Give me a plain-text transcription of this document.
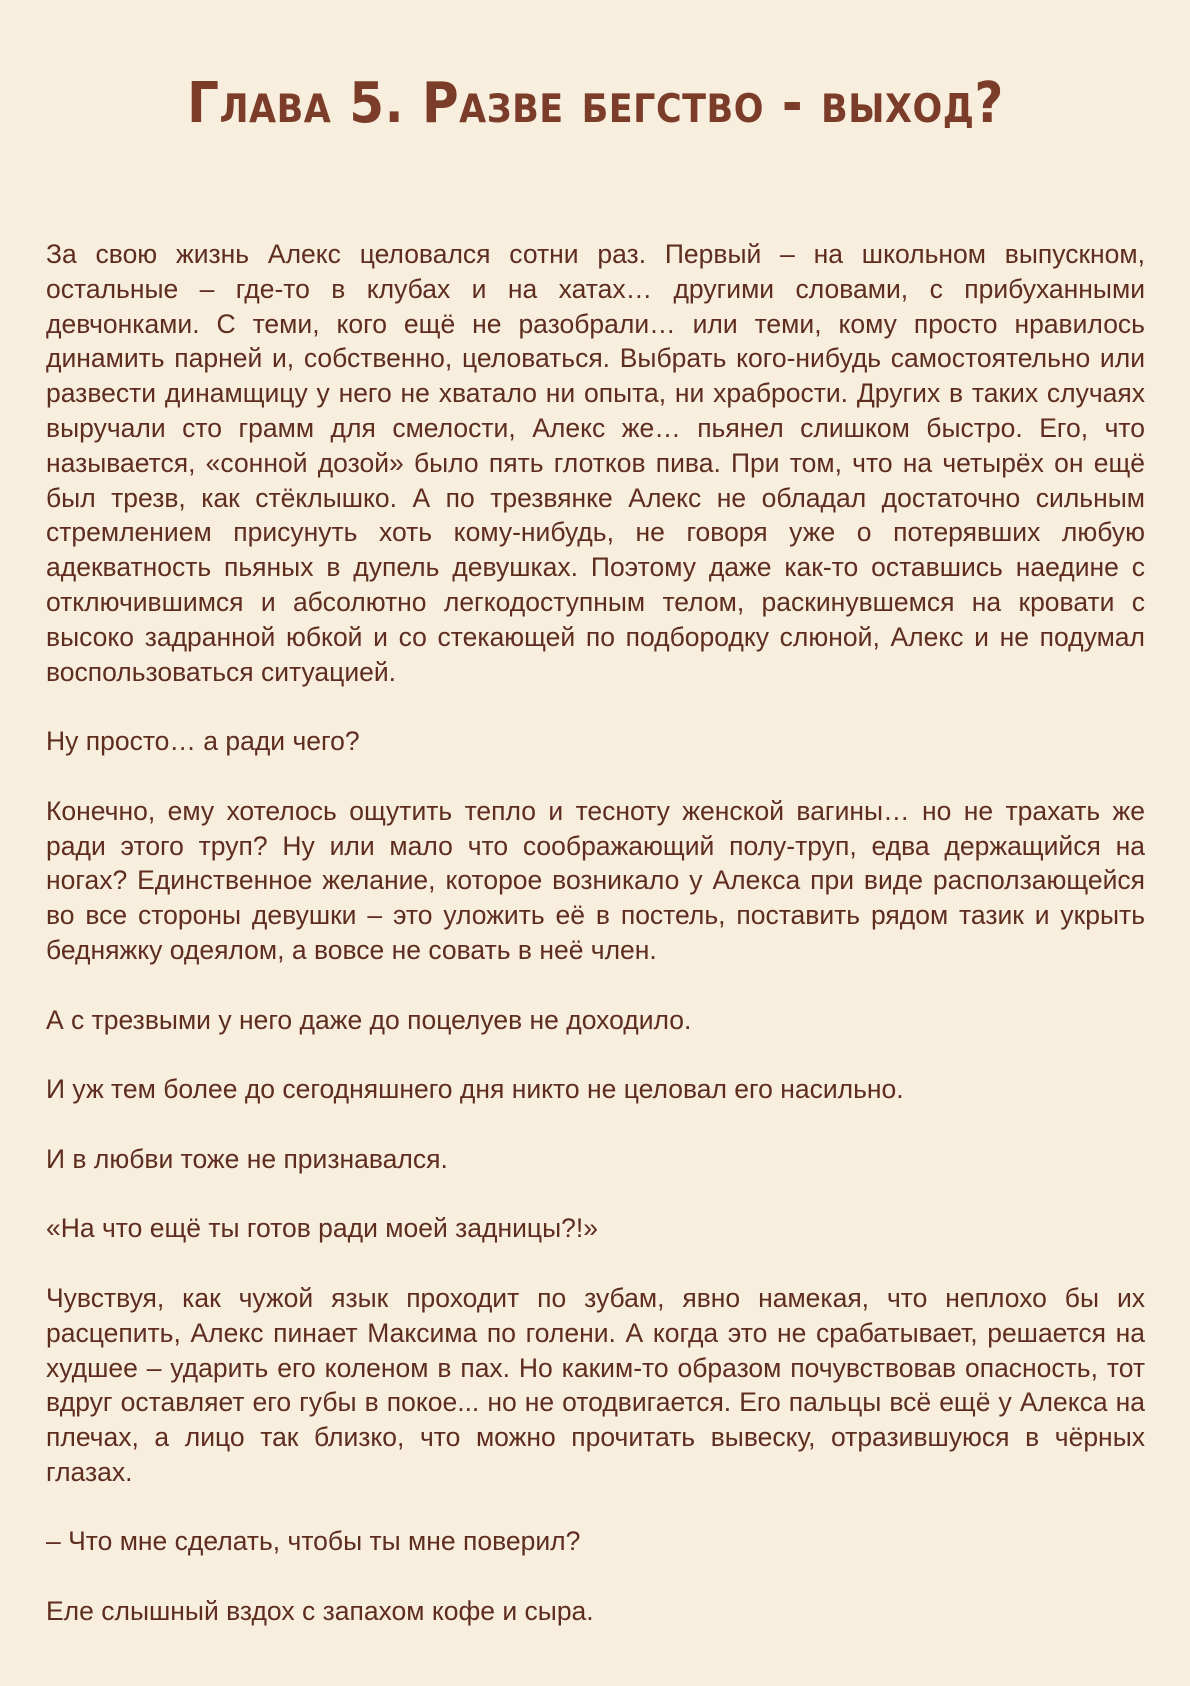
Глава 5. Разве бегство - выход?

За свою жизнь Алекс целовался сотни раз. Первый – на школьном выпускном, остальные – где-то в клубах и на хатах… другими словами, с прибуханными девчонками. С теми, кого ещё не разобрали… или теми, кому просто нравилось динамить парней и, собственно, целоваться. Выбрать кого-нибудь самостоятельно или развести динамщицу у него не хватало ни опыта, ни храбрости. Других в таких случаях выручали сто грамм для смелости, Алекс же… пьянел слишком быстро. Его, что называется, «сонной дозой» было пять глотков пива. При том, что на четырёх он ещё был трезв, как стёклышко. А по трезвянке Алекс не обладал достаточно сильным стремлением присунуть хоть кому-нибудь, не говоря уже о потерявших любую адекватность пьяных в дупель девушках. Поэтому даже как-то оставшись наедине с отключившимся и абсолютно легкодоступным телом, раскинувшемся на кровати с высоко задранной юбкой и со стекающей по подбородку слюной, Алекс и не подумал воспользоваться ситуацией.

Ну просто… а ради чего?

Конечно, ему хотелось ощутить тепло и тесноту женской вагины… но не трахать же ради этого труп? Ну или мало что соображающий полу-труп, едва держащийся на ногах? Единственное желание, которое возникало у Алекса при виде расползающейся во все стороны девушки – это уложить её в постель, поставить рядом тазик и укрыть бедняжку одеялом, а вовсе не совать в неё член.

А с трезвыми у него даже до поцелуев не доходило.

И уж тем более до сегодняшнего дня никто не целовал его насильно.

И в любви тоже не признавался.

«На что ещё ты готов ради моей задницы?!»

Чувствуя, как чужой язык проходит по зубам, явно намекая, что неплохо бы их расцепить, Алекс пинает Максима по голени. А когда это не срабатывает, решается на худшее – ударить его коленом в пах. Но каким-то образом почувствовав опасность, тот вдруг оставляет его губы в покое... но не отодвигается. Его пальцы всё ещё у Алекса на плечах, а лицо так близко, что можно прочитать вывеску, отразившуюся в чёрных глазах.

– Что мне сделать, чтобы ты мне поверил?

Еле слышный вздох с запахом кофе и сыра.
